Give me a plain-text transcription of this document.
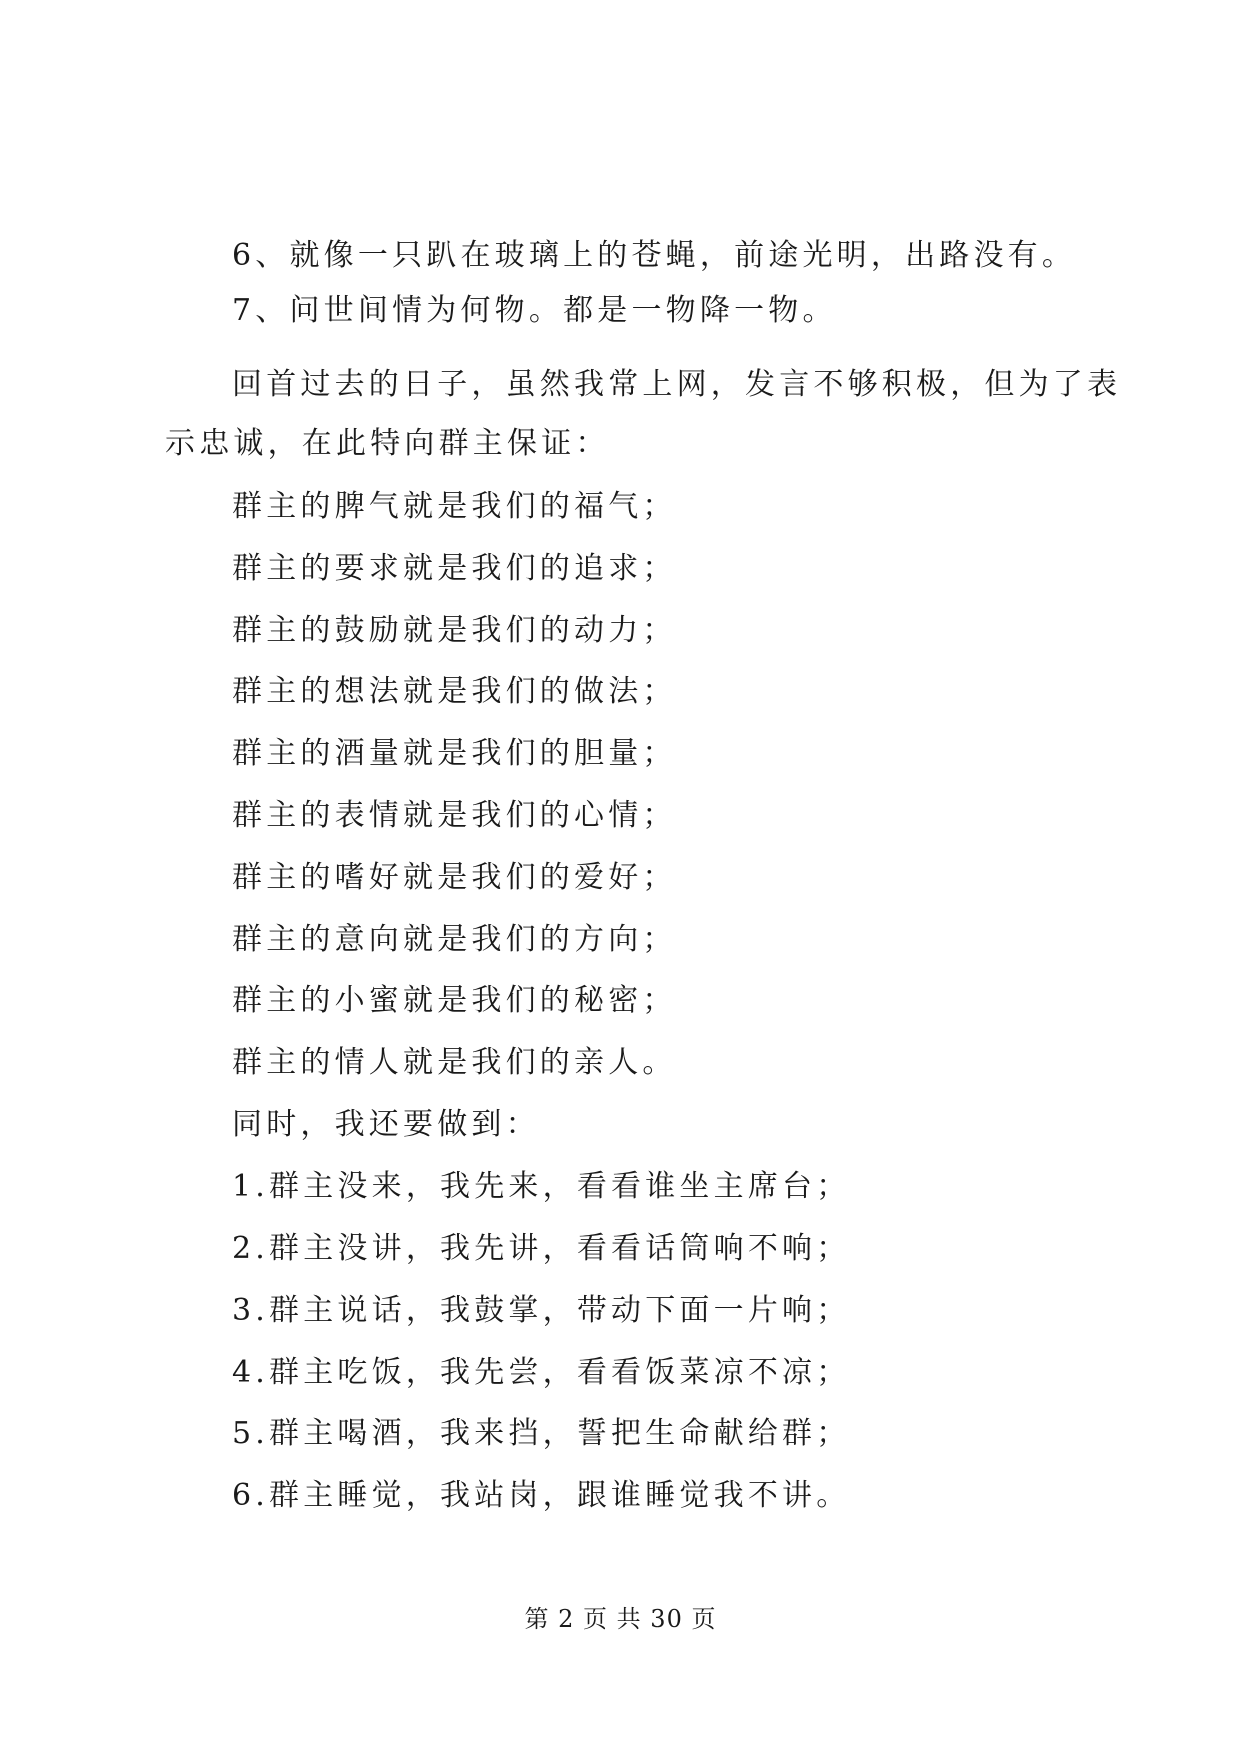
6、就像一只趴在玻璃上的苍蝇，前途光明，出路没有。
7、问世间情为何物。都是一物降一物。
回首过去的日子，虽然我常上网，发言不够积极，但为了表
示忠诚，在此特向群主保证：
群主的脾气就是我们的福气；
群主的要求就是我们的追求；
群主的鼓励就是我们的动力；
群主的想法就是我们的做法；
群主的酒量就是我们的胆量；
群主的表情就是我们的心情；
群主的嗜好就是我们的爱好；
群主的意向就是我们的方向；
群主的小蜜就是我们的秘密；
群主的情人就是我们的亲人。
同时，我还要做到：
1.群主没来，我先来，看看谁坐主席台；
2.群主没讲，我先讲，看看话筒响不响；
3.群主说话，我鼓掌，带动下面一片响；
4.群主吃饭，我先尝，看看饭菜凉不凉；
5.群主喝酒，我来挡，誓把生命献给群；
6.群主睡觉，我站岗，跟谁睡觉我不讲。
第 2 页 共 30 页
